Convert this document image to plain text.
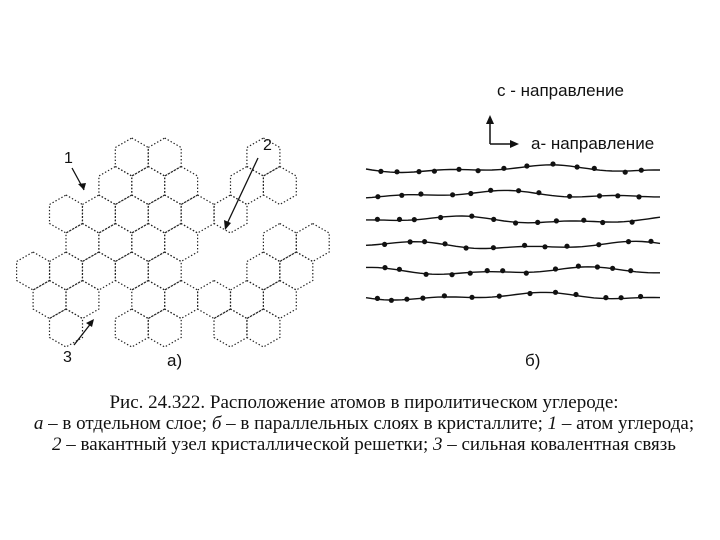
1
2
3	а)
с - направление
а- направление
б)
Рис. 24.322. Расположение атомов в пиролитическом углероде:
а – в отдельном слое; б – в параллельных слоях в кристаллите; 1 – атом углерода;
2 – вакантный узел кристаллической решетки; 3 – сильная ковалентная связь
